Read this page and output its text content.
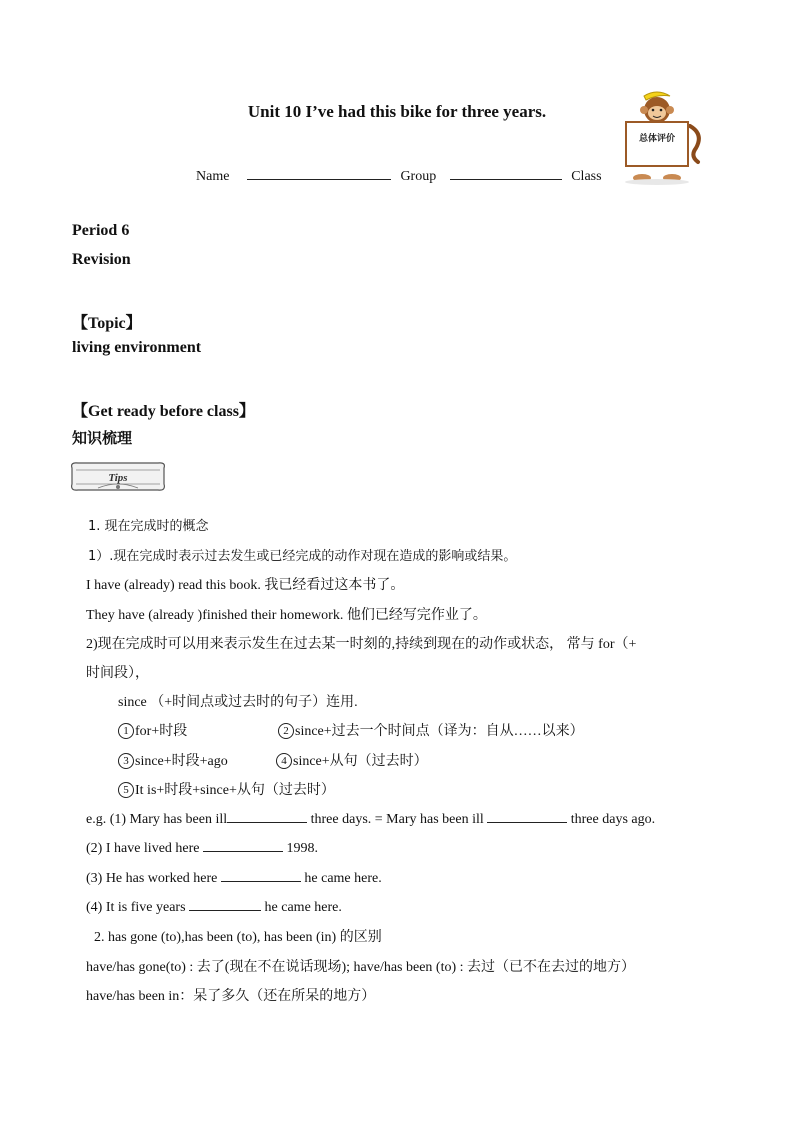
Unit 10 I’ve had this bike for three years.
Name	Group	Class
总体评价
Period 6
Revision
【Topic】
living environment
【Get ready before class】
知识梳理
Tips
1. 现在完成时的概念
1）.现在完成时表示过去发生或已经完成的动作对现在造成的影响或结果。
I have (already) read this book. 我已经看过这本书了。
They have (already )finished their homework. 他们已经写完作业了。
2)现在完成时可以用来表示发生在过去某一时刻的,持续到现在的动作或状态， 常与 for（+
时间段），
since （+时间点或过去时的句子）连用.
1 for+时段	2 since+过去一个时间点（译为：自从……以来）
3 since+时段+ago	4 since+从句（过去时）
5 It is+时段+since+从句（过去时）
e.g. (1) Mary has been ill	three days. = Mary has been ill	three days ago.
(2) I have lived here	1998.
(3) He has worked here	he came here.
(4) It is five years	he came here.
2. has gone (to),has been (to), has been (in) 的区别
have/has gone(to) : 去了(现在不在说话现场); have/has been (to) : 去过（已不在去过的地方）
have/has been in：呆了多久（还在所呆的地方）
